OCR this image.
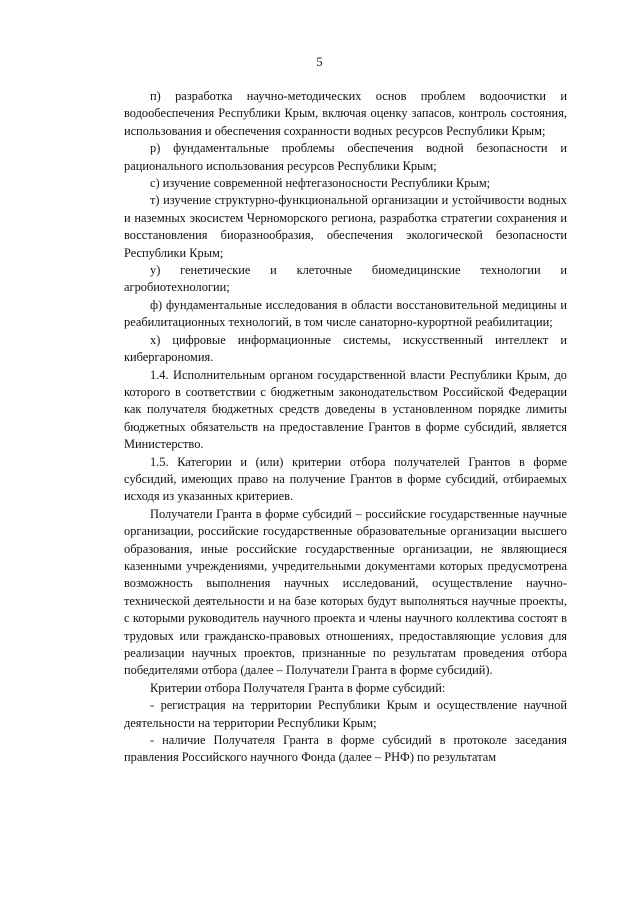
5

п) разработка научно-методических основ проблем водоочистки и водообеспечения Республики Крым, включая оценку запасов, контроль состояния, использования и обеспечения сохранности водных ресурсов Республики Крым;

р) фундаментальные проблемы обеспечения водной безопасности и рационального использования ресурсов Республики Крым;

с) изучение современной нефтегазоносности Республики Крым;

т) изучение структурно-функциональной организации и устойчивости водных и наземных экосистем Черноморского региона, разработка стратегии сохранения и восстановления биоразнообразия, обеспечения экологической безопасности Республики Крым;

у) генетические и клеточные биомедицинские технологии и агробиотехнологии;

ф) фундаментальные исследования в области восстановительной медицины и реабилитационных технологий, в том числе санаторно-курортной реабилитации;

х) цифровые информационные системы, искусственный интеллект и кибергарономия.

1.4. Исполнительным органом государственной власти Республики Крым, до которого в соответствии с бюджетным законодательством Российской Федерации как получателя бюджетных средств доведены в установленном порядке лимиты бюджетных обязательств на предоставление Грантов в форме субсидий, является Министерство.

1.5. Категории и (или) критерии отбора получателей Грантов в форме субсидий, имеющих право на получение Грантов в форме субсидий, отбираемых исходя из указанных критериев.

Получатели Гранта в форме субсидий – российские государственные научные организации, российские государственные образовательные организации высшего образования, иные российские государственные организации, не являющиеся казенными учреждениями, учредительными документами которых предусмотрена возможность выполнения научных исследований, осуществление научно-технической деятельности и на базе которых будут выполняться научные проекты, с которыми руководитель научного проекта и члены научного коллектива состоят в трудовых или гражданско-правовых отношениях, предоставляющие условия для реализации научных проектов, признанные по результатам проведения отбора победителями отбора (далее – Получатели Гранта в форме субсидий).

Критерии отбора Получателя Гранта в форме субсидий:

- регистрация на территории Республики Крым и осуществление научной деятельности на территории Республики Крым;

- наличие Получателя Гранта в форме субсидий в протоколе заседания правления Российского научного Фонда (далее – РНФ) по результатам
